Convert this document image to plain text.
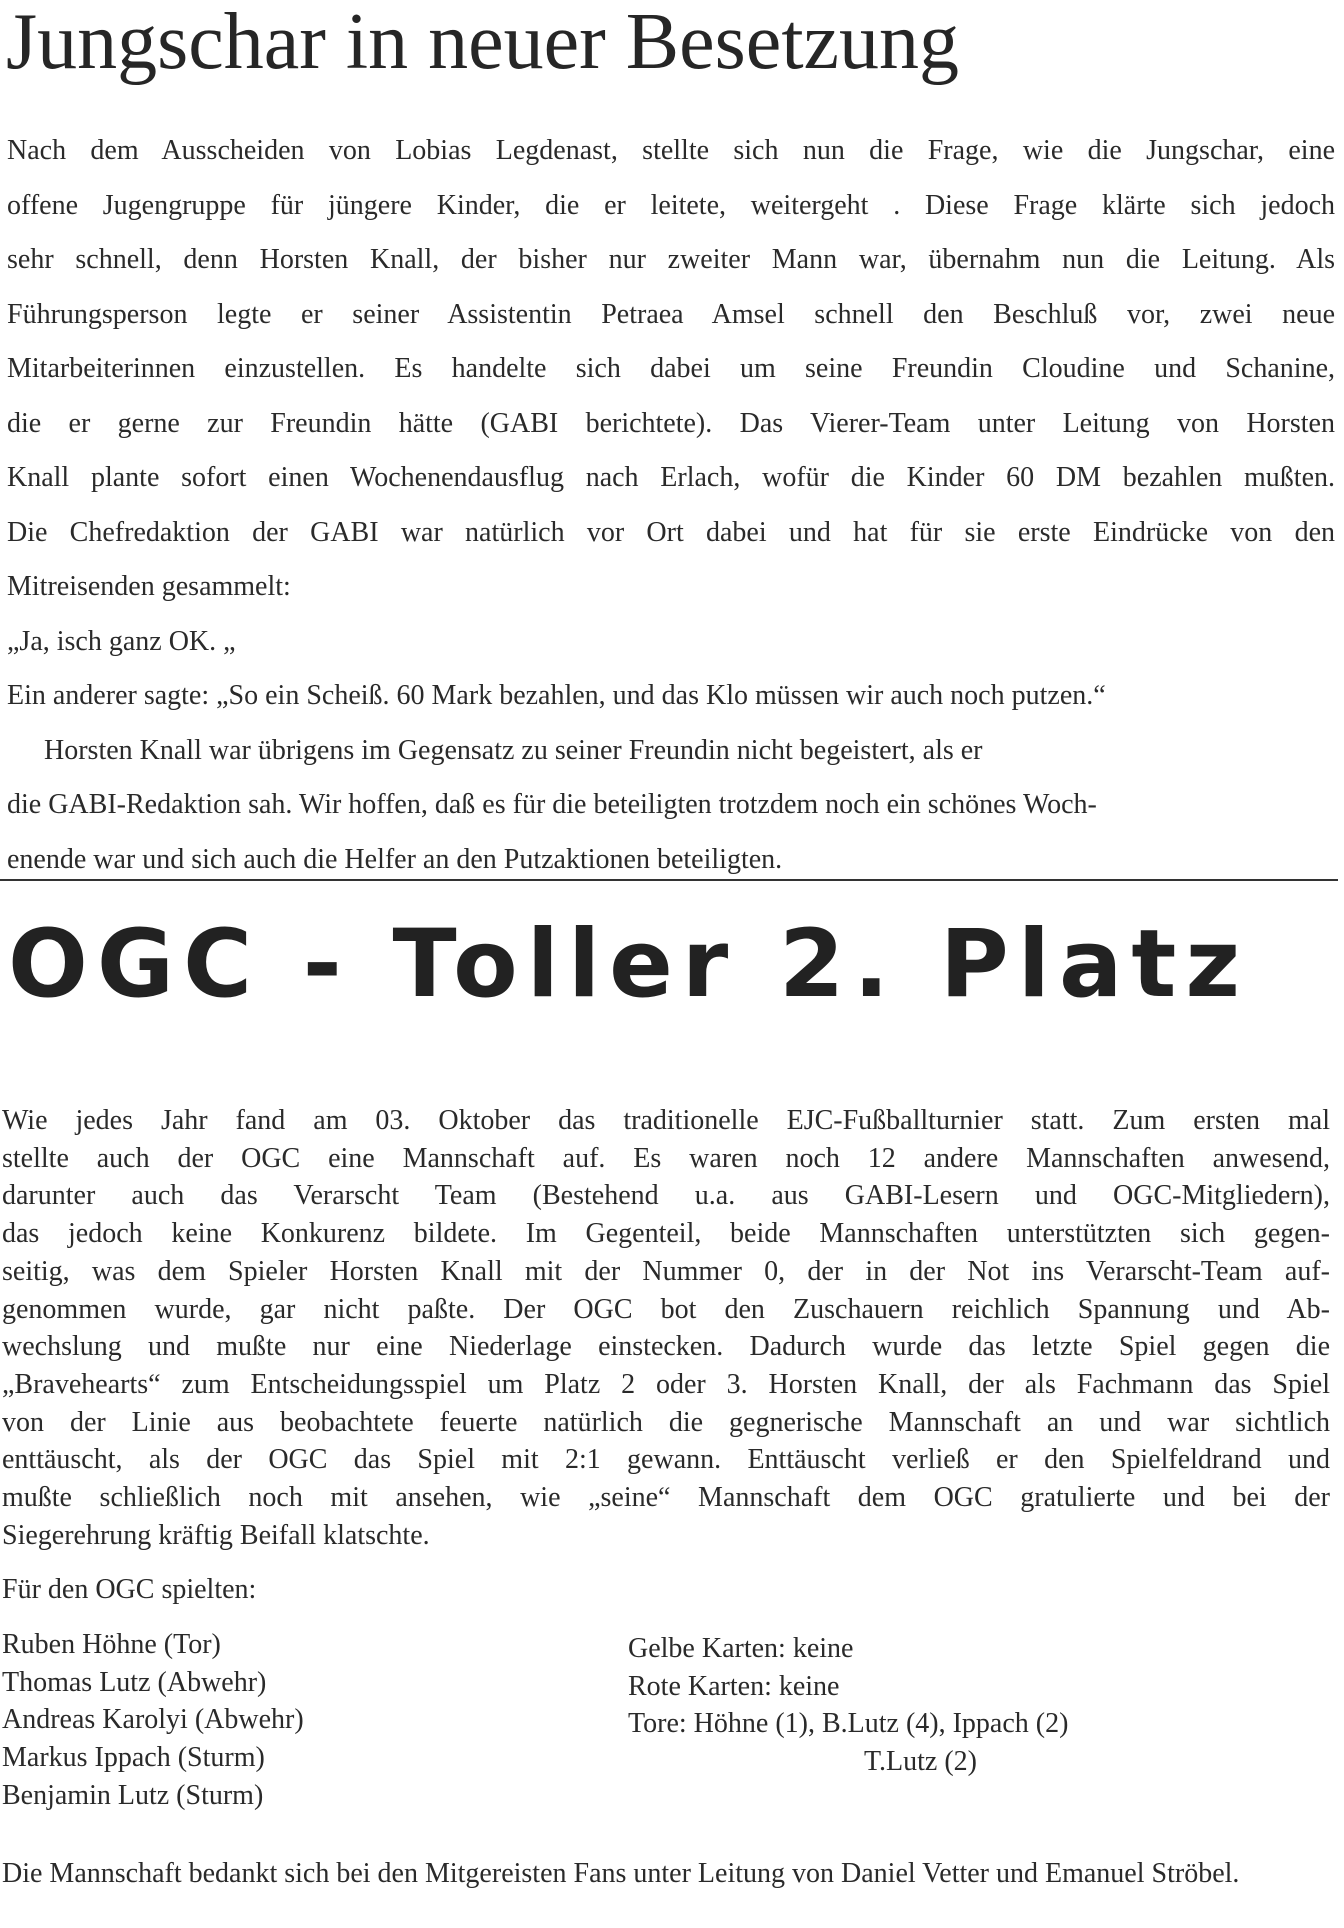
Jungschar in neuer Besetzung

Nach dem Ausscheiden von Lobias Legdenast, stellte sich nun die Frage, wie die Jungschar, eine

offene Jugengruppe für jüngere Kinder, die er leitete, weitergeht . Diese Frage klärte sich jedoch

sehr schnell, denn Horsten Knall, der bisher nur zweiter Mann war, übernahm nun die Leitung. Als

Führungsperson legte er seiner Assistentin Petraea Amsel schnell den Beschluß vor, zwei neue

Mitarbeiterinnen einzustellen. Es handelte sich dabei um seine Freundin Cloudine und Schanine,

die er gerne zur Freundin hätte (GABI berichtete). Das Vierer-Team unter Leitung von Horsten

Knall plante sofort einen Wochenendausflug nach Erlach, wofür die Kinder 60 DM bezahlen mußten.

Die Chefredaktion der GABI war natürlich vor Ort dabei und hat für sie erste Eindrücke von den

Mitreisenden gesammelt:

„Ja, isch ganz OK. „

Ein anderer sagte: „So ein Scheiß. 60 Mark bezahlen, und das Klo müssen wir auch noch putzen.“

Horsten Knall war übrigens im Gegensatz zu seiner Freundin nicht begeistert, als er

die GABI-Redaktion sah. Wir hoffen, daß es für die beteiligten trotzdem noch ein schönes Woch-

enende war und sich auch die Helfer an den Putzaktionen beteiligten.

OGC - Toller 2. Platz

Wie jedes Jahr fand am 03. Oktober das traditionelle EJC-Fußballturnier statt. Zum ersten mal

stellte auch der OGC eine Mannschaft auf. Es waren noch 12 andere Mannschaften anwesend,

darunter auch das Verarscht Team (Bestehend u.a. aus GABI-Lesern und OGC-Mitgliedern),

das jedoch keine Konkurenz bildete. Im Gegenteil, beide Mannschaften unterstützten sich gegen-

seitig, was dem Spieler Horsten Knall mit der Nummer 0, der in der Not ins Verarscht-Team auf-

genommen wurde, gar nicht paßte. Der OGC bot den Zuschauern reichlich Spannung und Ab-

wechslung und mußte nur eine Niederlage einstecken. Dadurch wurde das letzte Spiel gegen die

„Bravehearts“ zum Entscheidungsspiel um Platz 2 oder 3. Horsten Knall, der als Fachmann das Spiel

von der Linie aus beobachtete feuerte natürlich die gegnerische Mannschaft an und war sichtlich

enttäuscht, als der OGC das Spiel mit 2:1 gewann. Enttäuscht verließ er den Spielfeldrand und

mußte schließlich noch mit ansehen, wie „seine“ Mannschaft dem OGC gratulierte und bei der

Siegerehrung kräftig Beifall klatschte.

Für den OGC spielten:
Ruben Höhne (Tor)
Thomas Lutz (Abwehr)
Andreas Karolyi (Abwehr)
Markus Ippach (Sturm)
Benjamin Lutz (Sturm)
Gelbe Karten: keine
Rote Karten: keine
Tore: Höhne (1), B.Lutz (4), Ippach (2)
T.Lutz (2)

Die Mannschaft bedankt sich bei den Mitgereisten Fans unter Leitung von Daniel Vetter und Emanuel Ströbel.
